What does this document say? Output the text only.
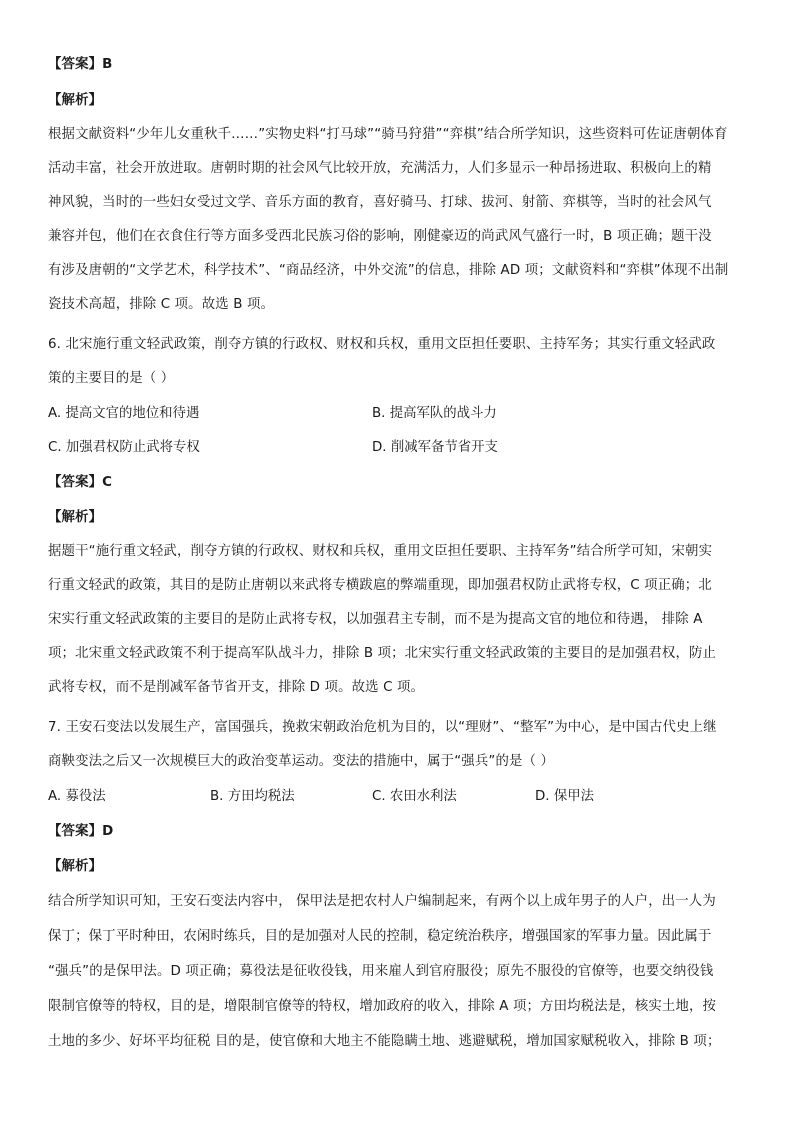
【答案】B
【解析】
根据文献资料“少年儿女重秋千……”实物史料“打马球”“骑马狩猎”“弈棋”结合所学知识，这些资料可佐证唐朝体育
活动丰富，社会开放进取。唐朝时期的社会风气比较开放，充满活力，人们多显示一种昂扬进取、积极向上的精
神风貌，当时的一些妇女受过文学、音乐方面的教育，喜好骑马、打球、拔河、射箭、弈棋等，当时的社会风气
兼容并包，他们在衣食住行等方面多受西北民族习俗的影响，刚健豪迈的尚武风气盛行一时，B 项正确；题干没
有涉及唐朝的“文学艺术，科学技术”、“商品经济，中外交流”的信息，排除 AD 项；文献资料和“弈棋”体现不出制
瓷技术高超，排除 C 项。故选 B 项。
6. 北宋施行重文轻武政策，削夺方镇的行政权、财权和兵权，重用文臣担任要职、主持军务；其实行重文轻武政
策的主要目的是（ ）
A. 提高文官的地位和待遇	B. 提高军队的战斗力
C. 加强君权防止武将专权	D. 削减军备节省开支
【答案】C
【解析】
据题干“施行重文轻武，削夺方镇的行政权、财权和兵权，重用文臣担任要职、主持军务”结合所学可知，宋朝实
行重文轻武的政策，其目的是防止唐朝以来武将专横跋扈的弊端重现，即加强君权防止武将专权，C 项正确；北
宋实行重文轻武政策的主要目的是防止武将专权，以加强君主专制，而不是为提高文官的地位和待遇， 排除 A
项；北宋重文轻武政策不利于提高军队战斗力，排除 B 项；北宋实行重文轻武政策的主要目的是加强君权，防止
武将专权，而不是削减军备节省开支，排除 D 项。故选 C 项。
7. 王安石变法以发展生产，富国强兵，挽救宋朝政治危机为目的，以“理财”、“整军”为中心，是中国古代史上继
商鞅变法之后又一次规模巨大的政治变革运动。变法的措施中，属于“强兵”的是（ ）
A. 募役法	B. 方田均税法	C. 农田水利法	D. 保甲法
【答案】D
【解析】
结合所学知识可知，王安石变法内容中， 保甲法是把农村人户编制起来，有两个以上成年男子的人户，出一人为
保丁；保丁平时种田，农闲时练兵，目的是加强对人民的控制，稳定统治秩序，增强国家的军事力量。因此属于
“强兵”的是保甲法。D 项正确；募役法是征收役钱，用来雇人到官府服役；原先不服役的官僚等，也要交纳役钱
限制官僚等的特权，目的是，增限制官僚等的特权，增加政府的收入，排除 A 项；方田均税法是，核实土地，按
土地的多少、好坏平均征税 目的是，使官僚和大地主不能隐瞒土地、逃避赋税，增加国家赋税收入，排除 B 项；
